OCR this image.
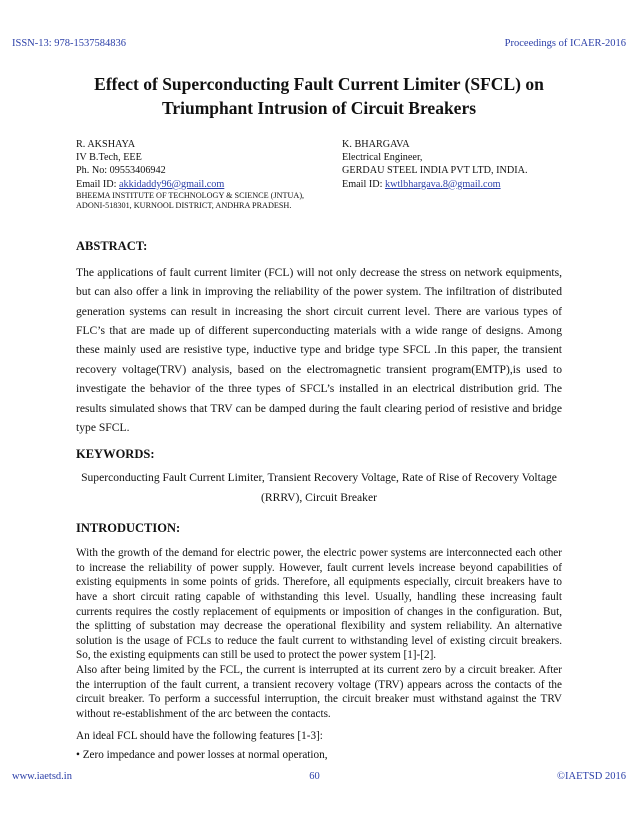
ISSN-13: 978-1537584836	Proceedings of ICAER-2016
Effect of Superconducting Fault Current Limiter (SFCL) on
Triumphant Intrusion of Circuit Breakers
R. AKSHAYA
IV B.Tech, EEE
Ph. No: 09553406942
Email ID: akkidaddy96@gmail.com
BHEEMA INSTITUTE OF TECHNOLOGY & SCIENCE (JNTUA),
ADONI-518301, KURNOOL DISTRICT, ANDHRA PRADESH.
K. BHARGAVA
Electrical Engineer,
GERDAU STEEL INDIA PVT LTD, INDIA.
Email ID: kwtlbhargava.8@gmail.com
ABSTRACT:

The applications of fault current limiter (FCL) will not only decrease the stress on network equipments, but can also offer a link in improving the reliability of the power system. The infiltration of distributed generation systems can result in increasing the short circuit current level. There are various types of FLC’s that are made up of different superconducting materials with a wide range of designs. Among these mainly used are resistive type, inductive type and bridge type SFCL .In this paper, the transient recovery voltage(TRV) analysis, based on the electromagnetic transient program(EMTP),is used to investigate the behavior of the three types of SFCL’s installed in an electrical distribution grid. The results simulated shows that TRV can be damped during the fault clearing period of resistive and bridge type SFCL.

KEYWORDS:

Superconducting Fault Current Limiter, Transient Recovery Voltage, Rate of Rise of Recovery Voltage (RRRV), Circuit Breaker

INTRODUCTION:

With the growth of the demand for electric power, the electric power systems are interconnected each other to increase the reliability of power supply. However, fault current levels increase beyond capabilities of existing equipments in some points of grids. Therefore, all equipments especially, circuit breakers have to have a short circuit rating capable of withstanding this level. Usually, handling these increasing fault currents requires the costly replacement of equipments or imposition of changes in the configuration. But, the splitting of substation may decrease the operational flexibility and system reliability. An alternative solution is the usage of FCLs to reduce the fault current to withstanding level of existing circuit breakers. So, the existing equipments can still be used to protect the power system [1]-[2].

Also after being limited by the FCL, the current is interrupted at its current zero by a circuit breaker. After the interruption of the fault current, a transient recovery voltage (TRV) appears across the contacts of the circuit breaker. To perform a successful interruption, the circuit breaker must withstand against the TRV without re-establishment of the arc between the contacts.

An ideal FCL should have the following features [1-3]:

• Zero impedance and power losses at normal operation,

www.iaetsd.in	60	©IAETSD 2016
